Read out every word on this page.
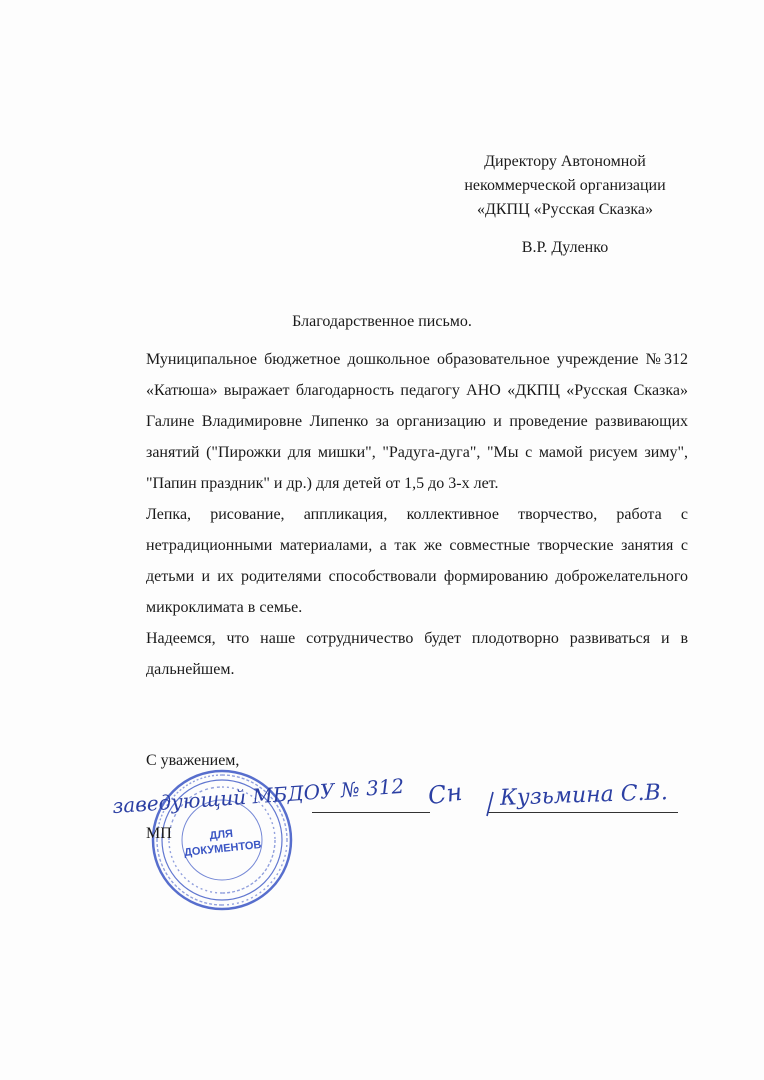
Директору Автономной
некоммерческой организации
«ДКПЦ «Русская Сказка»
В.Р. Дуленко
Благодарственное письмо.

Муниципальное бюджетное дошкольное образовательное учреждение №312 «Катюша» выражает благодарность педагогу АНО «ДКПЦ «Русская Сказка» Галине Владимировне Липенко за организацию и проведение развивающих занятий ("Пирожки для мишки", "Радуга-дуга", "Мы с мамой рисуем зиму", "Папин праздник" и др.) для детей от 1,5 до 3-х лет.

Лепка, рисование, аппликация, коллективное творчество, работа с нетрадиционными материалами, а так же совместные творческие занятия с детьми и их родителями способствовали формированию доброжелательного микроклимата в семье.

Надеемся, что наше сотрудничество будет плодотворно развиваться и в дальнейшем.

С уважением,
ДЛЯ
ДОКУМЕНТОВ
МП
заведующий МБДОУ № 312 Сн Кузьмина С.В.
